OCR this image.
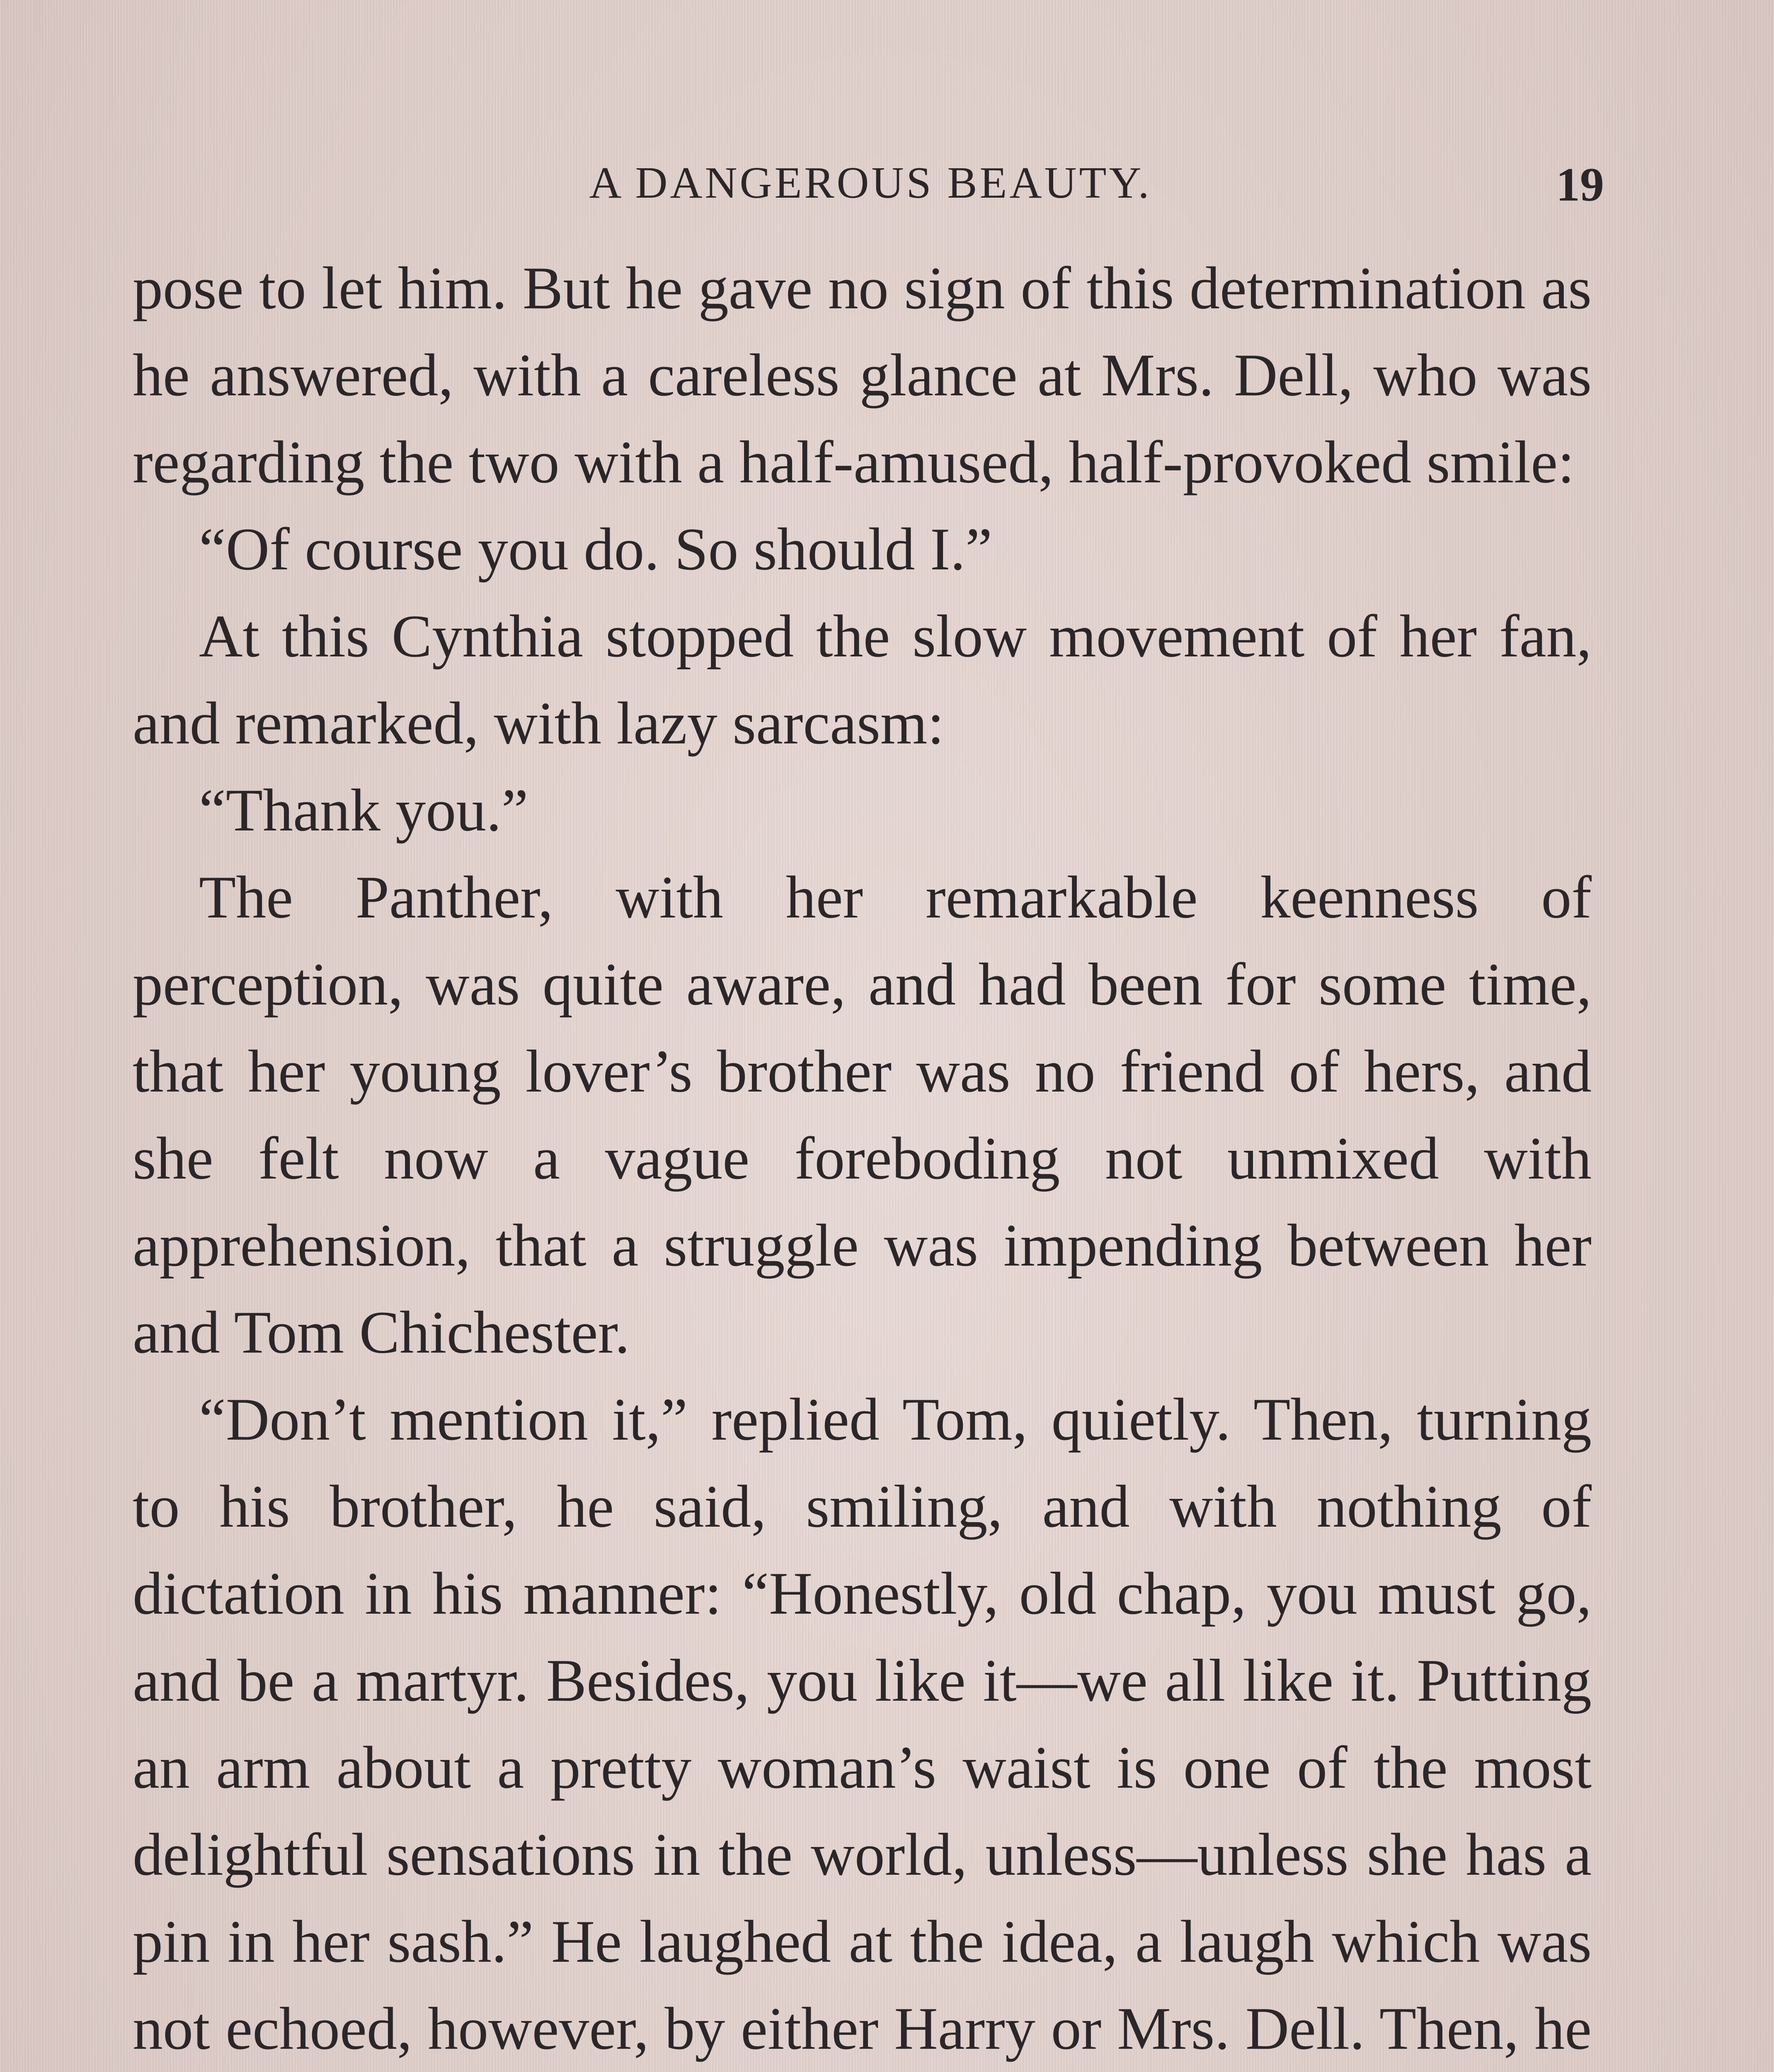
A DANGEROUS BEAUTY.	19

pose to let him. But he gave no sign of this determination as he answered, with a careless glance at Mrs. Dell, who was regarding the two with a half-amused, half-provoked smile:

“Of course you do. So should I.”

At this Cynthia stopped the slow movement of her fan, and remarked, with lazy sarcasm:

“Thank you.”

The Panther, with her remarkable keenness of perception, was quite aware, and had been for some time, that her young lover’s brother was no friend of hers, and she felt now a vague foreboding not unmixed with apprehension, that a struggle was impending between her and Tom Chichester.

“Don’t mention it,” replied Tom, quietly. Then, turning to his brother, he said, smiling, and with nothing of dictation in his manner: “Honestly, old chap, you must go, and be a martyr. Besides, you like it—we all like it. Putting an arm about a pretty woman’s waist is one of the most delightful sensations in the world, unless—unless she has a pin in her sash.” He laughed at the idea, a laugh which was not echoed, however, by either Harry or Mrs. Dell. Then, he
